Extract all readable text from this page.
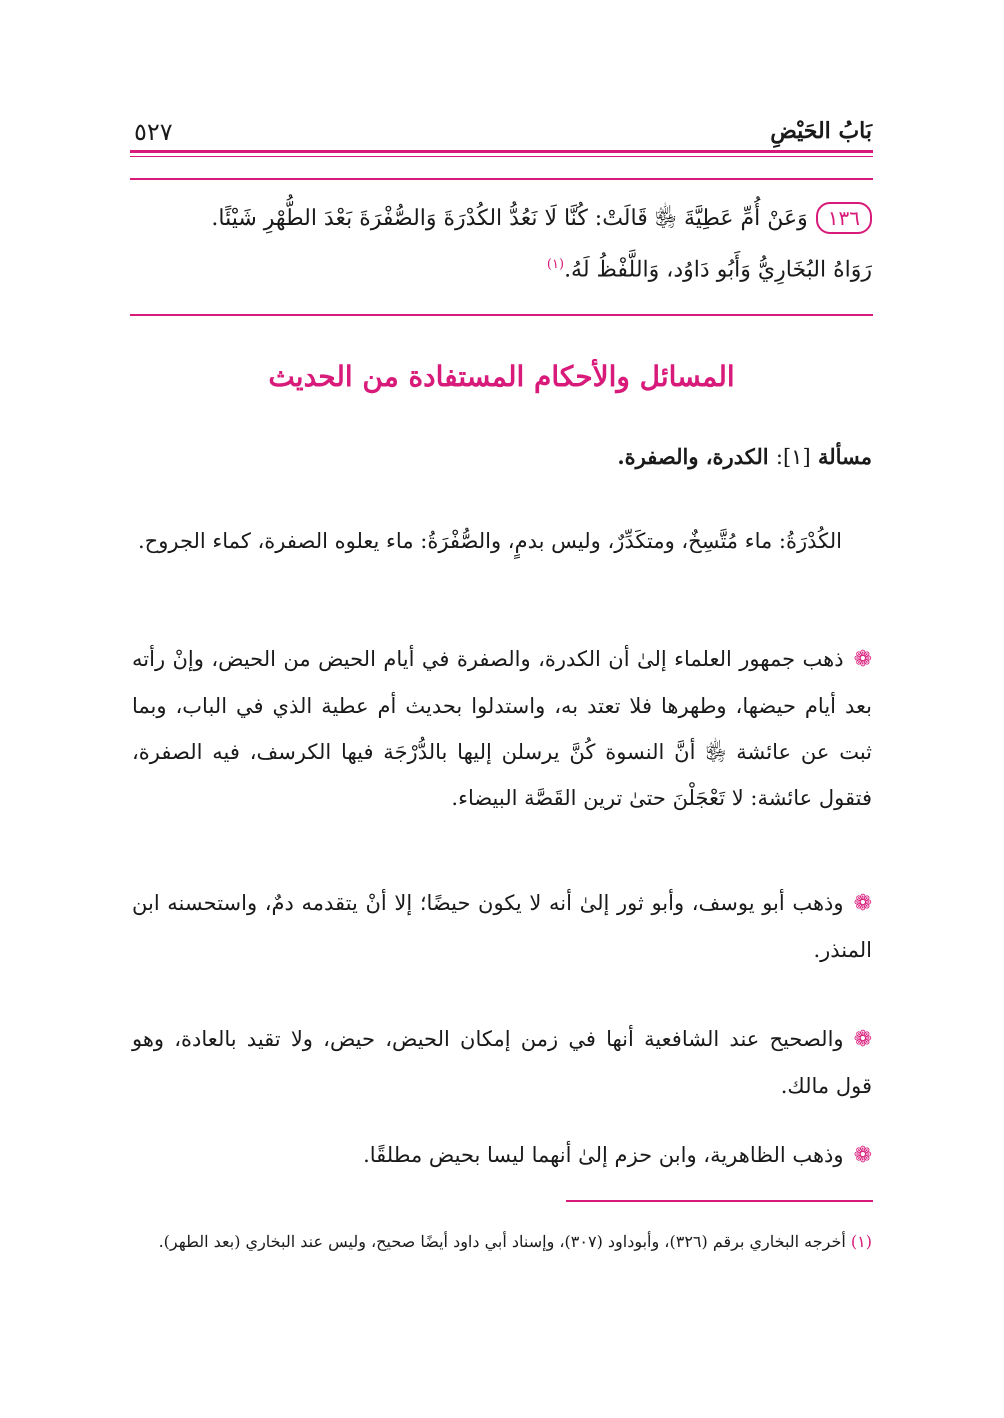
بَابُ الحَيْضِ
٥٢٧
١٣٦وَعَنْ أُمِّ عَطِيَّةَ ﵂ قَالَتْ: كُنَّا لَا نَعُدُّ الكُدْرَةَ وَالصُّفْرَةَ بَعْدَ الطُّهْرِ شَيْئًا.
رَوَاهُ البُخَارِيُّ وَأَبُو دَاوُد، وَاللَّفْظُ لَهُ.$^{(١)}$
المسائل والأحكام المستفادة من الحديث
مسألة [١]: الكدرة، والصفرة.
الكُدْرَةُ: ماء مُتَّسِخٌ، ومتكَدِّرٌ، وليس بدمٍ، والصُّفْرَةُ: ماء يعلوه الصفرة، كماء الجروح.
❁ذهب جمهور العلماء إلىٰ أن الكدرة، والصفرة في أيام الحيض من الحيض، وإنْ رأته بعد أيام حيضها، وطهرها فلا تعتد به، واستدلوا بحديث أم عطية الذي في الباب، وبما ثبت عن عائشة ﵂ أنَّ النسوة كُنَّ يرسلن إليها بالدُّرْجَة فيها الكرسف، فيه الصفرة، فتقول عائشة: لا تَعْجَلْنَ حتىٰ ترين القَصَّة البيضاء.
❁وذهب أبو يوسف، وأبو ثور إلىٰ أنه لا يكون حيضًا؛ إلا أنْ يتقدمه دمٌ، واستحسنه ابن المنذر.
❁والصحيح عند الشافعية أنها في زمن إمكان الحيض، حيض، ولا تقيد بالعادة، وهو قول مالك.
❁وذهب الظاهرية، وابن حزم إلىٰ أنهما ليسا بحيض مطلقًا.
(١) أخرجه البخاري برقم (٣٢٦)، وأبوداود (٣٠٧)، وإسناد أبي داود أيضًا صحيح، وليس عند البخاري (بعد الطهر).
